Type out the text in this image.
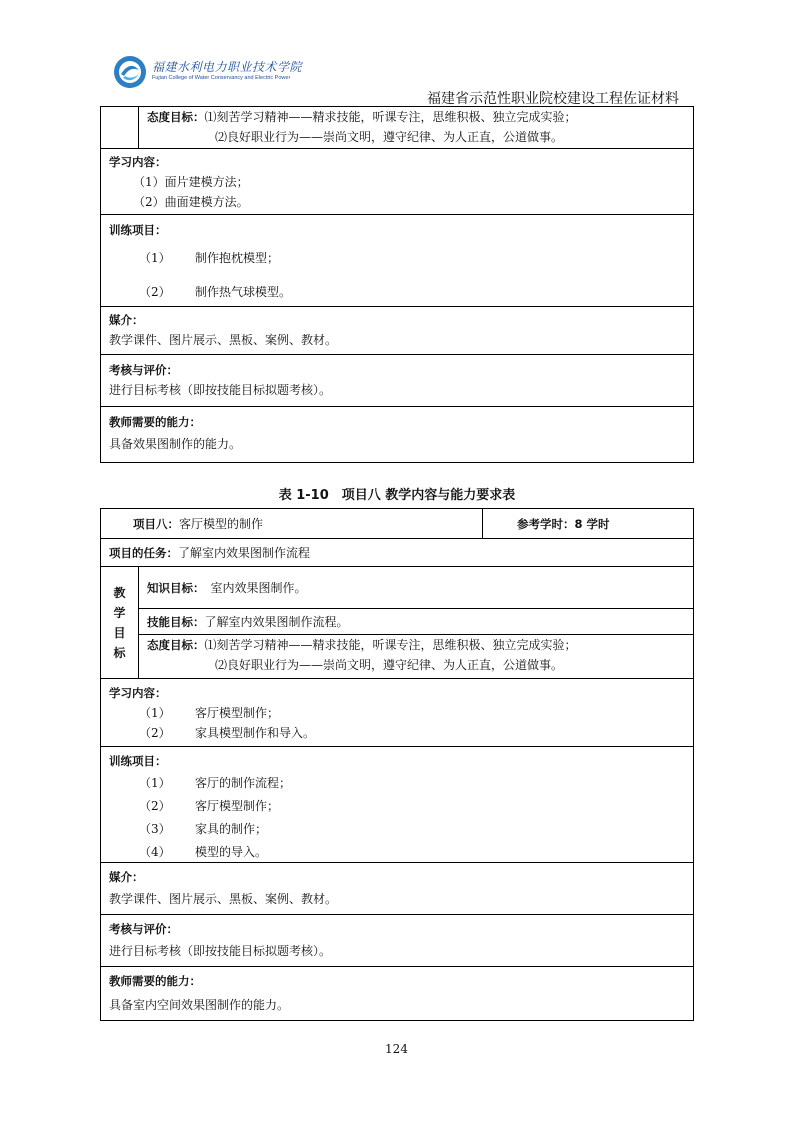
福建水利电力职业技术学院
Fujian College of Water Conservancy and Electric Power
福建省示范性职业院校建设工程佐证材料

态度目标：⑴刻苦学习精神——精求技能，听课专注，思维积极、独立完成实验；
⑵良好职业行为——崇尚文明，遵守纪律、为人正直，公道做事。

学习内容：
（1）面片建模方法；
（2）曲面建模方法。

训练项目：
（1） 制作抱枕模型；
（2） 制作热气球模型。

媒介：
教学课件、图片展示、黑板、案例、教材。

考核与评价：
进行目标考核（即按技能目标拟题考核）。

教师需要的能力：
具备效果图制作的能力。
表 1-10　项目八 教学内容与能力要求表
项目八：客厅模型的制作		参考学时：8 学时
项目的任务：了解室内效果图制作流程		

教
学
目
标	知识目标： 室内效果图制作。	
	技能目标：了解室内效果图制作流程。	

	态度目标：⑴刻苦学习精神——精求技能，听课专注，思维积极、独立完成实验；
⑵良好职业行为——崇尚文明，遵守纪律、为人正直，公道做事。	

学习内容：
（1） 客厅模型制作；
（2） 家具模型制作和导入。		

训练项目：
（1） 客厅的制作流程；
（2） 客厅模型制作；
（3） 家具的制作；
（4） 模型的导入。		

媒介：
教学课件、图片展示、黑板、案例、教材。		

考核与评价：
进行目标考核（即按技能目标拟题考核）。		

教师需要的能力：
具备室内空间效果图制作的能力。		
124
